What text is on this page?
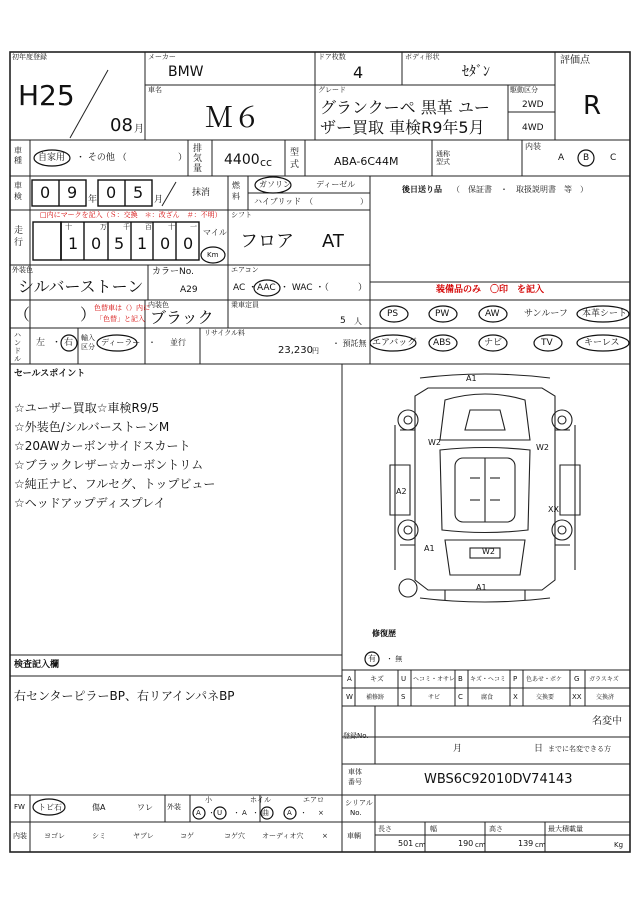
初年度登録
H25
08 月
メーカー
BMW
ドア枚数
4
ボディ形状
ｾﾀﾞﾝ
評価点
R
車名
Ｍ６
グレード
グランクーペ 黒革 ユー
ザー買取 車検R9年5月
駆動区分
2WD
4WD
車種	自家用 ・ その他 （	）
排気量
4400 cc
型式	ABA-6C44M
通称型式
内装
A B C
車検 0 9 年 0 5 月
抹消
燃料
ガソリン	ディーゼル
ハイブリッド　（	）
後日送り品 （　保証書　・　取扱説明書　等　）
走行
□内にマークを記入（Ｓ：交換　＊：改ざん　＃：不明）
十	万 千 百 十 一
1 0 5 1 0 0
マイル
Km
シフト
フロア AT
外装色
シルバーストーン
カラーNo.
A29
エアコン
AC ・ AAC ・ WAC ・（	）	装備品のみ　〇印　を記入
（	）
色替車は（）内に
「色替」と記入
内装色
ブラック
乗車定員
5 人
PS	PW	AW	サンルーフ 本革シート
エアバッグ ABS	ナビ	TV	キーレス
ハンドル
左 ・ 右 輸入区分 ディーラー ・ 並行
リサイクル料
23,230 円
・ 預託無
セールスポイント
☆ユーザー買取☆車検R9/5
☆外装色/シルバーストーンM
☆20AWカーボンサイドスカート
☆ブラックレザー☆カーボントリム
☆純正ナビ、フルセグ、トップビュー
☆ヘッドアップディスプレイ
A1
W2
W2
A2
XX
A1	W2
A1
修復歴
有 ・ 無
A	キズ U ヘコミ・オサレ B キズ・ヘコミ P 色あせ・ボケ G ガラスキズ
W 補修跡 S	サビ	C	腐食	X	交換要	XX 交換済
検査記入欄
右センターピラーBP、右リアインパネBP
名変中
登録No.
月	日 までに名変できる方
車体
番号	WBS6C92010DV74143
FW トビ石	傷A	ワレ 外装
小
A ・ U
ホイル
・ A ・ 曲
エアロ
A ・ ×
シリアル
No.
内装 ヨゴレ	シミ	ヤブレ	コゲ	コゲ穴 オーディオ穴	×	車輌
長さ
501 cm
幅
190 cm
高さ
139 cm
最大積載量
Kg
